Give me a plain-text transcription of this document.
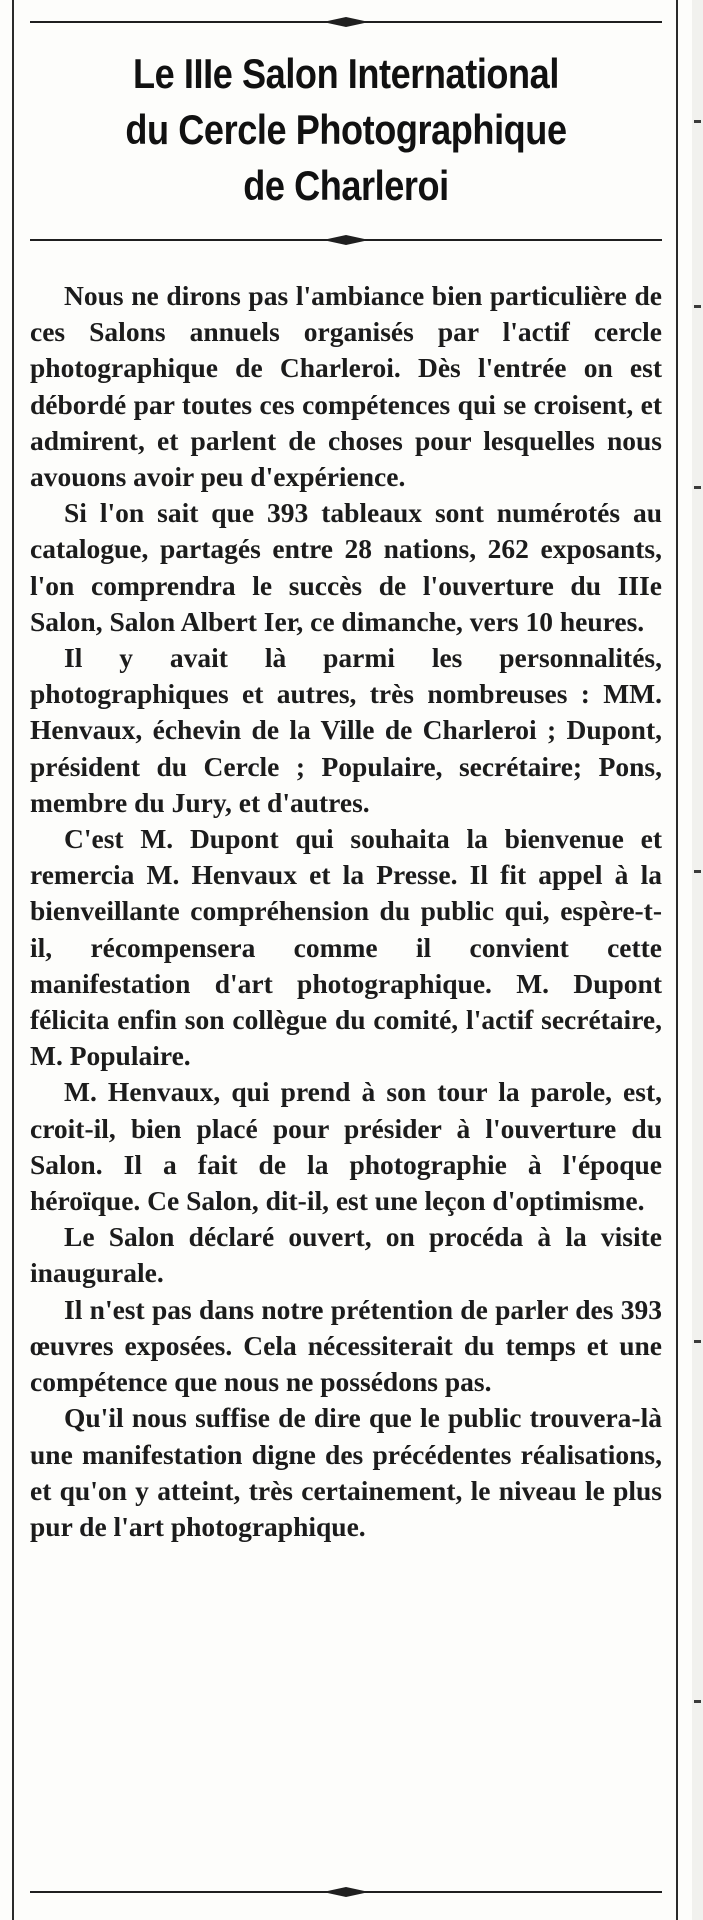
Le IIIe Salon International
du Cercle Photographique
de Charleroi

Nous ne dirons pas l'ambiance bien particulière de ces Salons annuels organisés par l'actif cercle photographique de Charleroi. Dès l'entrée on est débordé par toutes ces compétences qui se croisent, et admirent, et parlent de choses pour lesquelles nous avouons avoir peu d'expérience.

Si l'on sait que 393 tableaux sont numérotés au catalogue, partagés entre 28 nations, 262 exposants, l'on comprendra le succès de l'ouverture du IIIe Salon, Salon Albert Ier, ce dimanche, vers 10 heures.

Il y avait là parmi les personnalités, photographiques et autres, très nombreuses : MM. Henvaux, échevin de la Ville de Charleroi ; Dupont, président du Cercle ; Populaire, secrétaire; Pons, membre du Jury, et d'autres.

C'est M. Dupont qui souhaita la bienvenue et remercia M. Henvaux et la Presse. Il fit appel à la bienveillante compréhension du public qui, espère-t-il, récompensera comme il convient cette manifestation d'art photographique. M. Dupont félicita enfin son collègue du comité, l'actif secrétaire, M. Populaire.

M. Henvaux, qui prend à son tour la parole, est, croit-il, bien placé pour présider à l'ouverture du Salon. Il a fait de la photographie à l'époque héroïque. Ce Salon, dit-il, est une leçon d'optimisme.

Le Salon déclaré ouvert, on procéda à la visite inaugurale.

Il n'est pas dans notre prétention de parler des 393 œuvres exposées. Cela nécessiterait du temps et une compétence que nous ne possédons pas.

Qu'il nous suffise de dire que le public trouvera-là une manifestation digne des précédentes réalisations, et qu'on y atteint, très certainement, le niveau le plus pur de l'art photographique.
